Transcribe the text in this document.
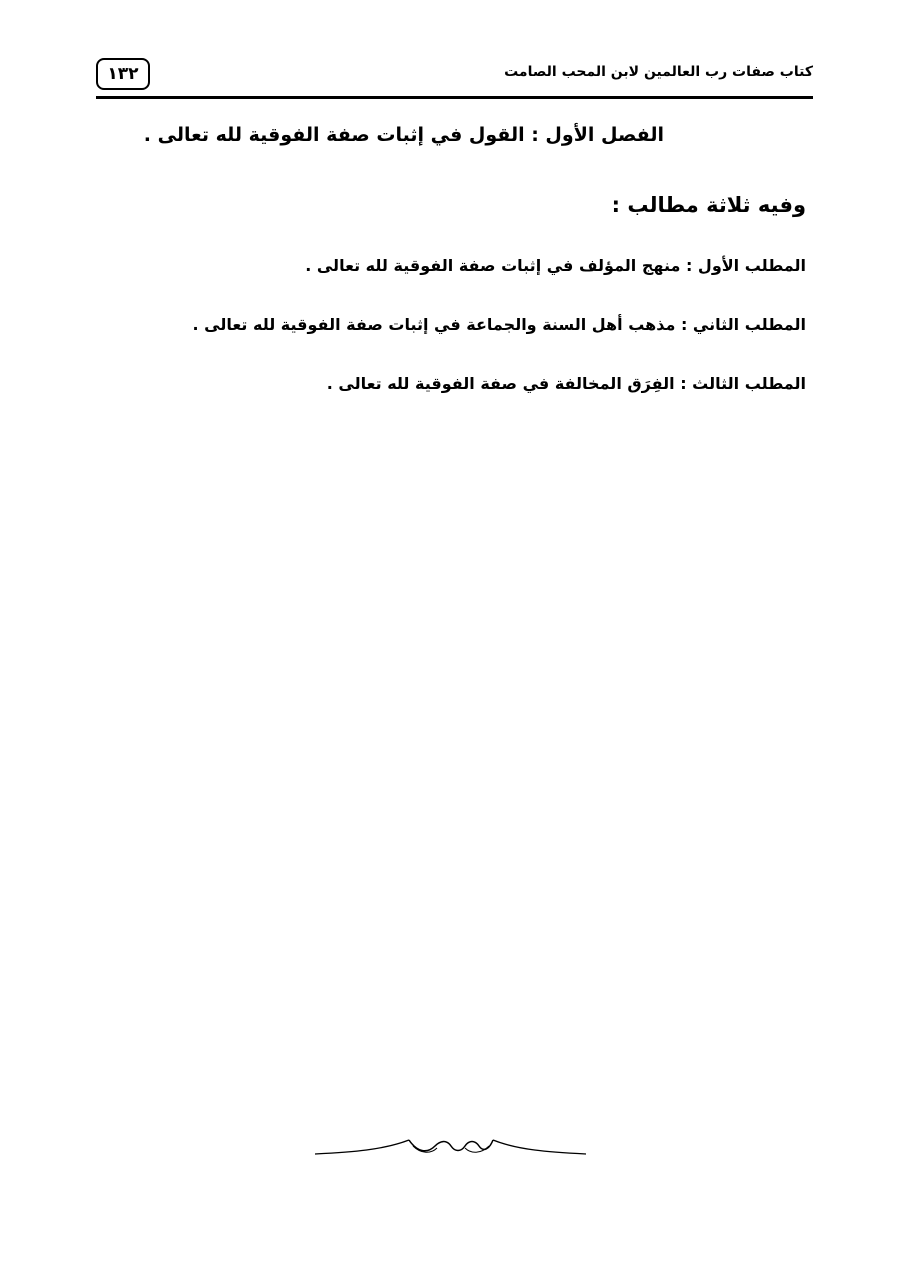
١٣٢	كتاب صفات رب العالمين لابن المحب الصامت
الفصل الأول : القول في إثبات صفة الفوقية لله تعالى .
وفيه ثلاثة مطالب :
المطلب الأول : منهج المؤلف في إثبات صفة الفوقية لله تعالى .
المطلب الثاني : مذهب أهل السنة والجماعة في إثبات صفة الفوقية لله تعالى .
المطلب الثالث : الفِرَق المخالفة في صفة الفوقية لله تعالى .
